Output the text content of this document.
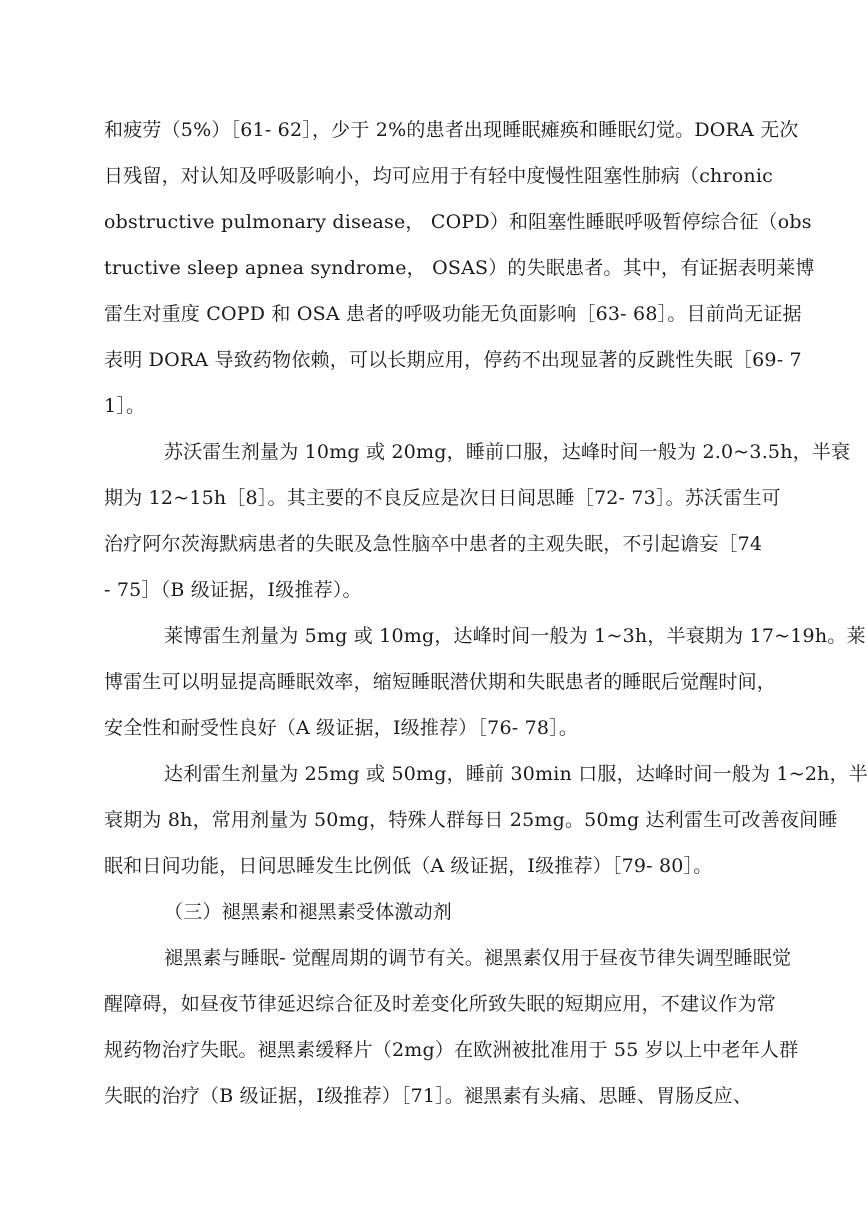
和疲劳（5%）［61- 62］，少于 2%的患者出现睡眠瘫痪和睡眠幻觉。DORA 无次
日残留，对认知及呼吸影响小，均可应用于有轻中度慢性阻塞性肺病（chronic
obstructive pulmonary disease， COPD）和阻塞性睡眠呼吸暂停综合征（obs
tructive sleep apnea syndrome， OSAS）的失眠患者。其中，有证据表明莱博
雷生对重度 COPD 和 OSA 患者的呼吸功能无负面影响［63- 68］。目前尚无证据
表明 DORA 导致药物依赖，可以长期应用，停药不出现显著的反跳性失眠［69- 7
1］。
苏沃雷生剂量为 10mg 或 20mg，睡前口服，达峰时间一般为 2.0~3.5h，半衰
期为 12~15h［8］。其主要的不良反应是次日日间思睡［72- 73］。苏沃雷生可
治疗阿尔茨海默病患者的失眠及急性脑卒中患者的主观失眠，不引起谵妄［74
- 75］（B 级证据，Ⅰ级推荐）。
莱博雷生剂量为 5mg 或 10mg，达峰时间一般为 1~3h，半衰期为 17~19h。莱
博雷生可以明显提高睡眠效率，缩短睡眠潜伏期和失眠患者的睡眠后觉醒时间，
安全性和耐受性良好（A 级证据，Ⅰ级推荐）［76- 78］。
达利雷生剂量为 25mg 或 50mg，睡前 30min 口服，达峰时间一般为 1~2h，半
衰期为 8h，常用剂量为 50mg，特殊人群每日 25mg。50mg 达利雷生可改善夜间睡
眠和日间功能，日间思睡发生比例低（A 级证据，Ⅰ级推荐）［79- 80］。
（三）褪黑素和褪黑素受体激动剂
褪黑素与睡眠- 觉醒周期的调节有关。褪黑素仅用于昼夜节律失调型睡眠觉
醒障碍，如昼夜节律延迟综合征及时差变化所致失眠的短期应用，不建议作为常
规药物治疗失眠。褪黑素缓释片（2mg）在欧洲被批准用于 55 岁以上中老年人群
失眠的治疗（B 级证据，Ⅰ级推荐）［71］。褪黑素有头痛、思睡、胃肠反应、
